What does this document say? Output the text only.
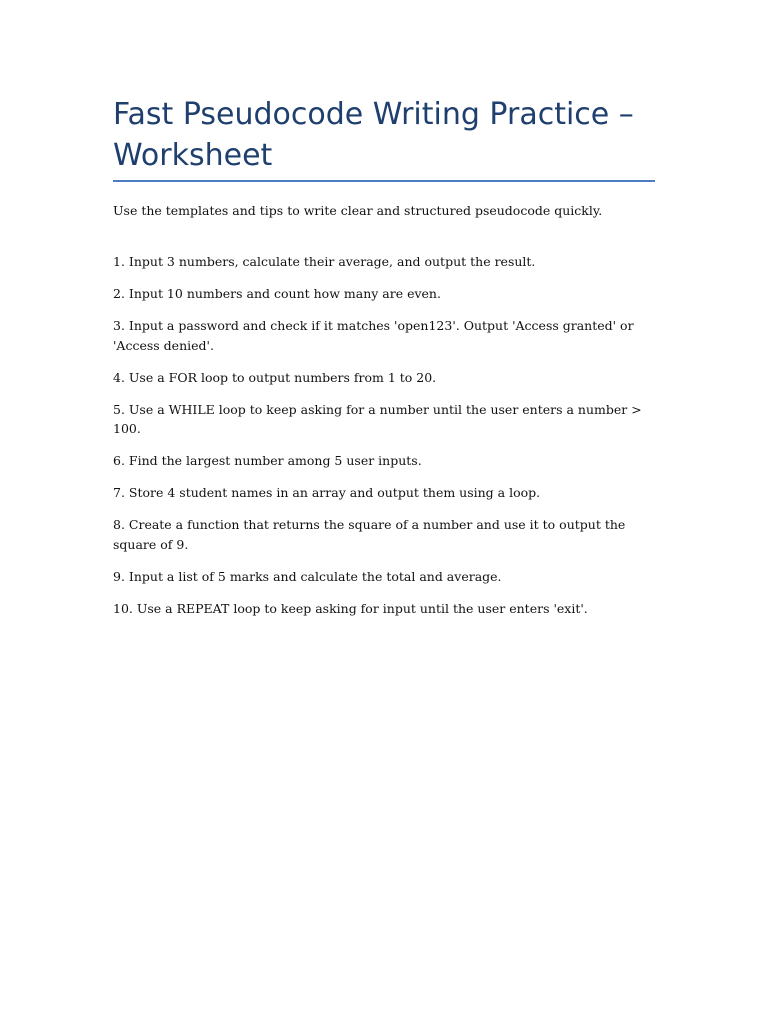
Fast Pseudocode Writing Practice – Worksheet

Use the templates and tips to write clear and structured pseudocode quickly.

1. Input 3 numbers, calculate their average, and output the result.
2. Input 10 numbers and count how many are even.
3. Input a password and check if it matches 'open123'. Output 'Access granted' or 'Access denied'.
4. Use a FOR loop to output numbers from 1 to 20.
5. Use a WHILE loop to keep asking for a number until the user enters a number > 100.
6. Find the largest number among 5 user inputs.
7. Store 4 student names in an array and output them using a loop.
8. Create a function that returns the square of a number and use it to output the square of 9.
9. Input a list of 5 marks and calculate the total and average.
10. Use a REPEAT loop to keep asking for input until the user enters 'exit'.
